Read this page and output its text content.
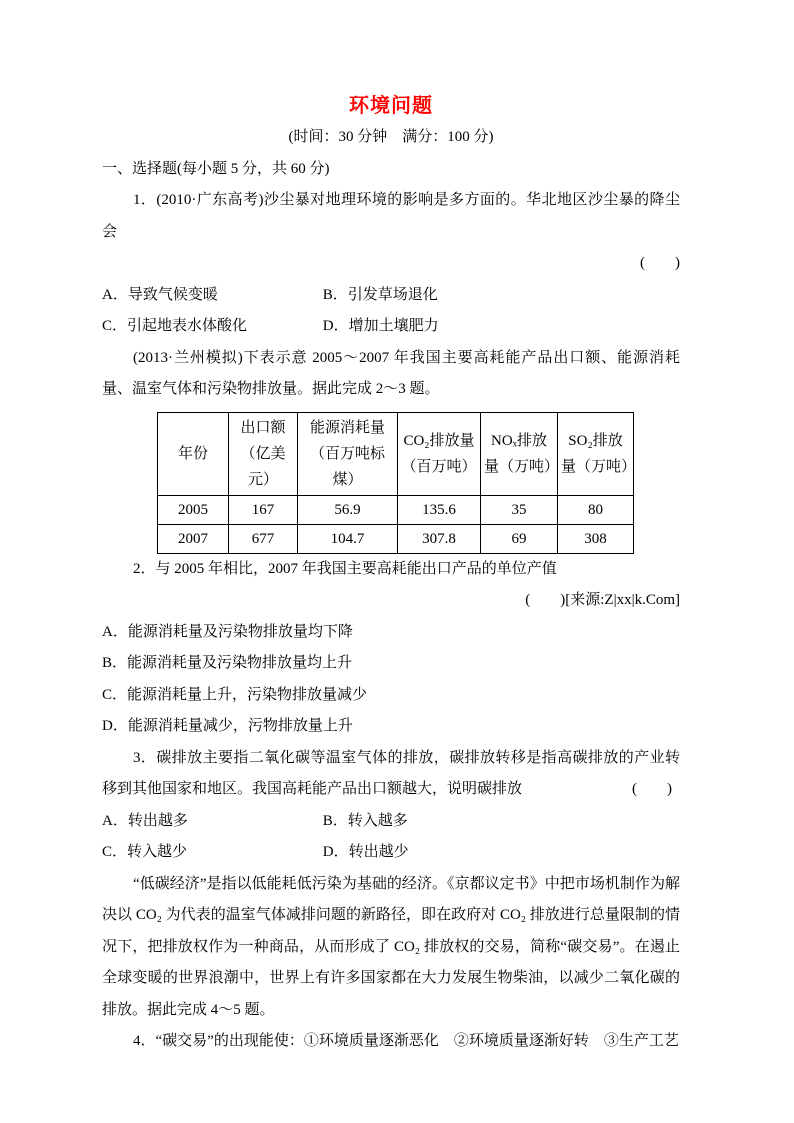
环境问题

(时间：30 分钟　满分：100 分)

一、选择题(每小题 5 分，共 60 分)

1．(2010·广东高考)沙尘暴对地理环境的影响是多方面的。华北地区沙尘暴的降尘会

(　　)

A．导致气候变暖	B．引发草场退化

C．引起地表水体酸化	D．增加土壤肥力

(2013·兰州模拟)下表示意 2005～2007 年我国主要高耗能产品出口额、能源消耗量、温室气体和污染物排放量。据此完成 2～3 题。

年份	出口额（亿美元）	能源消耗量（百万吨标煤）	CO₂排放量（百万吨）	NOₓ排放量（万吨）	SO₂排放量（万吨）
2005	167	56.9	135.6	35	80
2007	677	104.7	307.8	69	308

2．与 2005 年相比，2007 年我国主要高耗能出口产品的单位产值

(　　)[来源:Z|xx|k.Com]

A．能源消耗量及污染物排放量均下降

B．能源消耗量及污染物排放量均上升

C．能源消耗量上升，污染物排放量减少

D．能源消耗量减少，污物排放量上升

3．碳排放主要指二氧化碳等温室气体的排放，碳排放转移是指高碳排放的产业转移到其他国家和地区。我国高耗能产品出口额越大，说明碳排放	(　　)

A．转出越多	B．转入越多

C．转入越少	D．转出越少

“低碳经济”是指以低能耗低污染为基础的经济。《京都议定书》中把市场机制作为解决以 CO₂ 为代表的温室气体减排问题的新路径，即在政府对 CO₂ 排放进行总量限制的情况下，把排放权作为一种商品，从而形成了 CO₂ 排放权的交易，简称“碳交易”。在遏止全球变暖的世界浪潮中，世界上有许多国家都在大力发展生物柴油，以减少二氧化碳的排放。据此完成 4～5 题。

4．“碳交易”的出现能使：①环境质量逐渐恶化　②环境质量逐渐好转　③生产工艺
